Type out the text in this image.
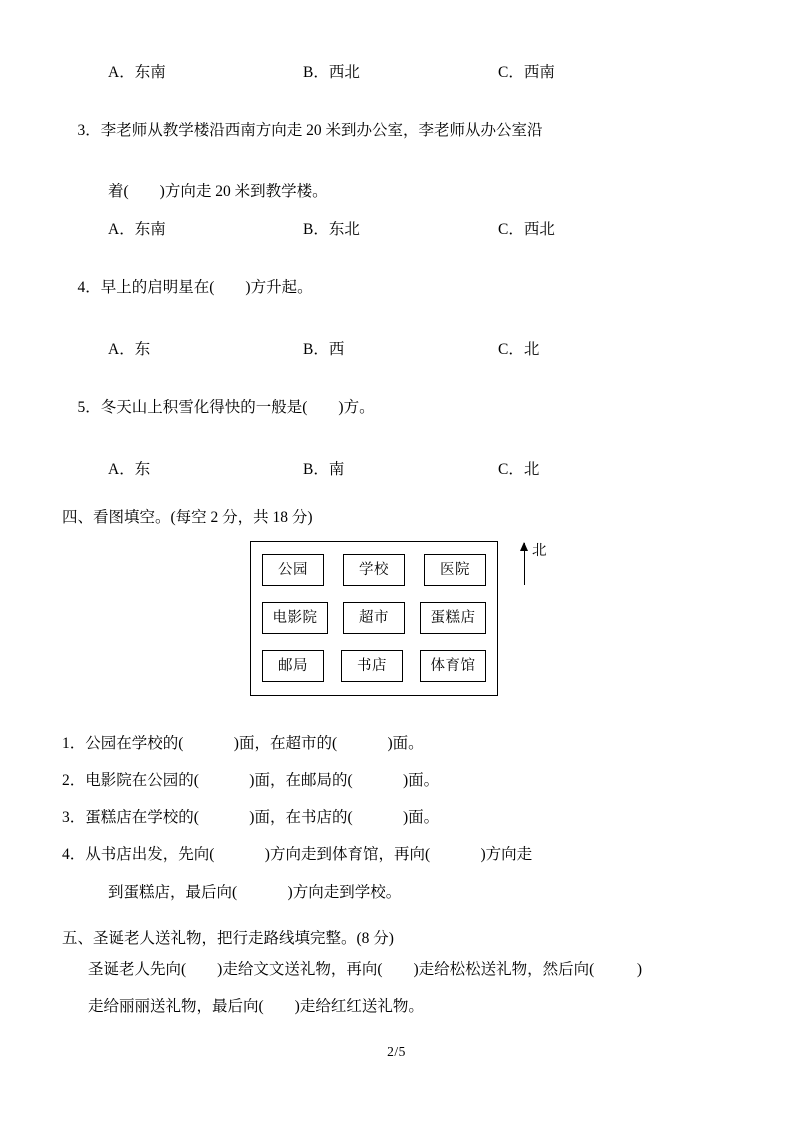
A．东南	B．西北	C．西南

3．李老师从教学楼沿西南方向走 20 米到办公室，李老师从办公室沿

着(        )方向走 20 米到教学楼。
A．东南	B．东北	C．西北

4．早上的启明星在(        )方升起。

A．东	B．西	C．北

5．冬天山上积雪化得快的一般是(        )方。

A．东	B．南	C．北
四、看图填空。(每空 2 分，共 18 分)
北
公园	学校	医院
电影院	超市	蛋糕店
邮局	书店	体育馆
1．公园在学校的(             )面，在超市的(             )面。
2．电影院在公园的(             )面，在邮局的(             )面。
3．蛋糕店在学校的(             )面，在书店的(             )面。
4．从书店出发，先向(             )方向走到体育馆，再向(             )方向走
到蛋糕店，最后向(             )方向走到学校。
五、圣诞老人送礼物，把行走路线填完整。(8 分)
圣诞老人先向(        )走给文文送礼物，再向(        )走给松松送礼物，然后向(           )
走给丽丽送礼物，最后向(        )走给红红送礼物。
2/5
